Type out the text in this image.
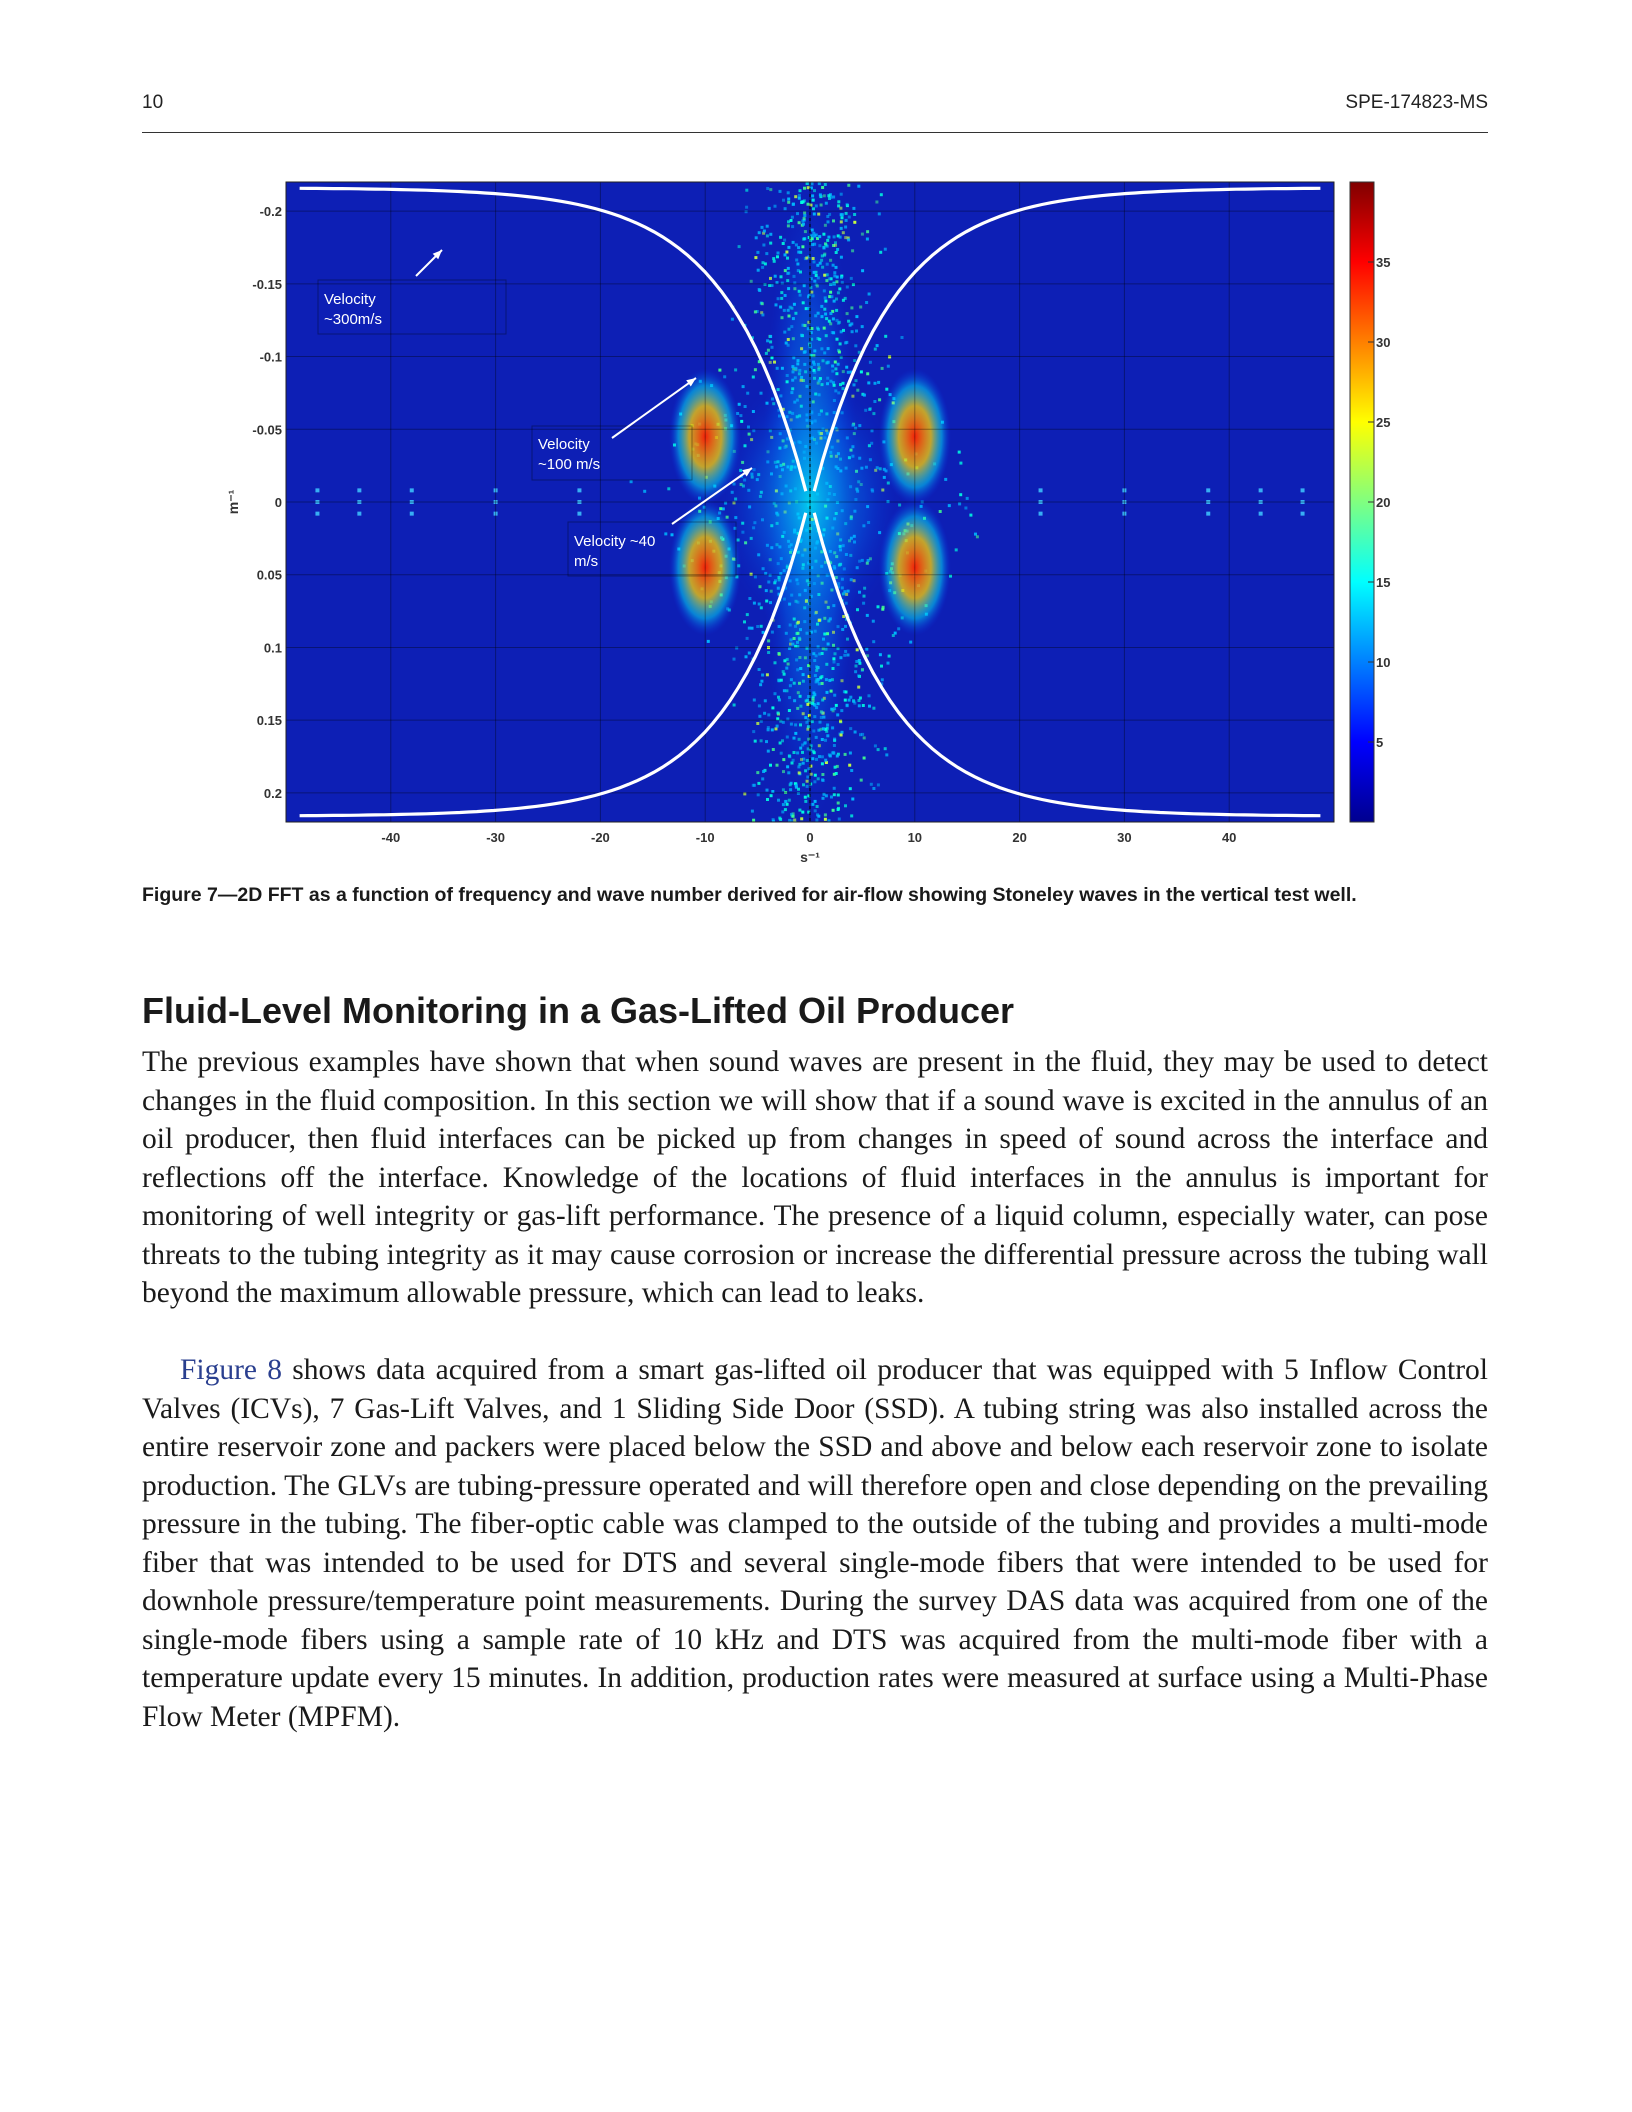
10	SPE-174823-MS
Velocity
~300m/s
Velocity
~100 m/s
Velocity ~40
m/s
-40	-30	-20	-10	0	10	20	30	40
-0.2
-0.15
-0.1
-0.05
0
0.05
0.1
0.15
0.2
s⁻¹
m⁻¹
5
10
15
20
25
30
35
Figure 7—2D FFT as a function of frequency and wave number derived for air-flow showing Stoneley waves in the vertical test well.
Fluid-Level Monitoring in a Gas-Lifted Oil Producer
The previous examples have shown that when sound waves are present in the fluid, they may be used to detect changes in the fluid composition. In this section we will show that if a sound wave is excited in the annulus of an oil producer, then fluid interfaces can be picked up from changes in speed of sound across the interface and reflections off the interface. Knowledge of the locations of fluid interfaces in the annulus is important for monitoring of well integrity or gas-lift performance. The presence of a liquid column, especially water, can pose threats to the tubing integrity as it may cause corrosion or increase the differential pressure across the tubing wall beyond the maximum allowable pressure, which can lead to leaks.
Figure 8 shows data acquired from a smart gas-lifted oil producer that was equipped with 5 Inflow Control Valves (ICVs), 7 Gas-Lift Valves, and 1 Sliding Side Door (SSD). A tubing string was also installed across the entire reservoir zone and packers were placed below the SSD and above and below each reservoir zone to isolate production. The GLVs are tubing-pressure operated and will therefore open and close depending on the prevailing pressure in the tubing. The fiber-optic cable was clamped to the outside of the tubing and provides a multi-mode fiber that was intended to be used for DTS and several single-mode fibers that were intended to be used for downhole pressure/temperature point measurements. During the survey DAS data was acquired from one of the single-mode fibers using a sample rate of 10 kHz and DTS was acquired from the multi-mode fiber with a temperature update every 15 minutes. In addition, production rates were measured at surface using a Multi-Phase Flow Meter (MPFM).
